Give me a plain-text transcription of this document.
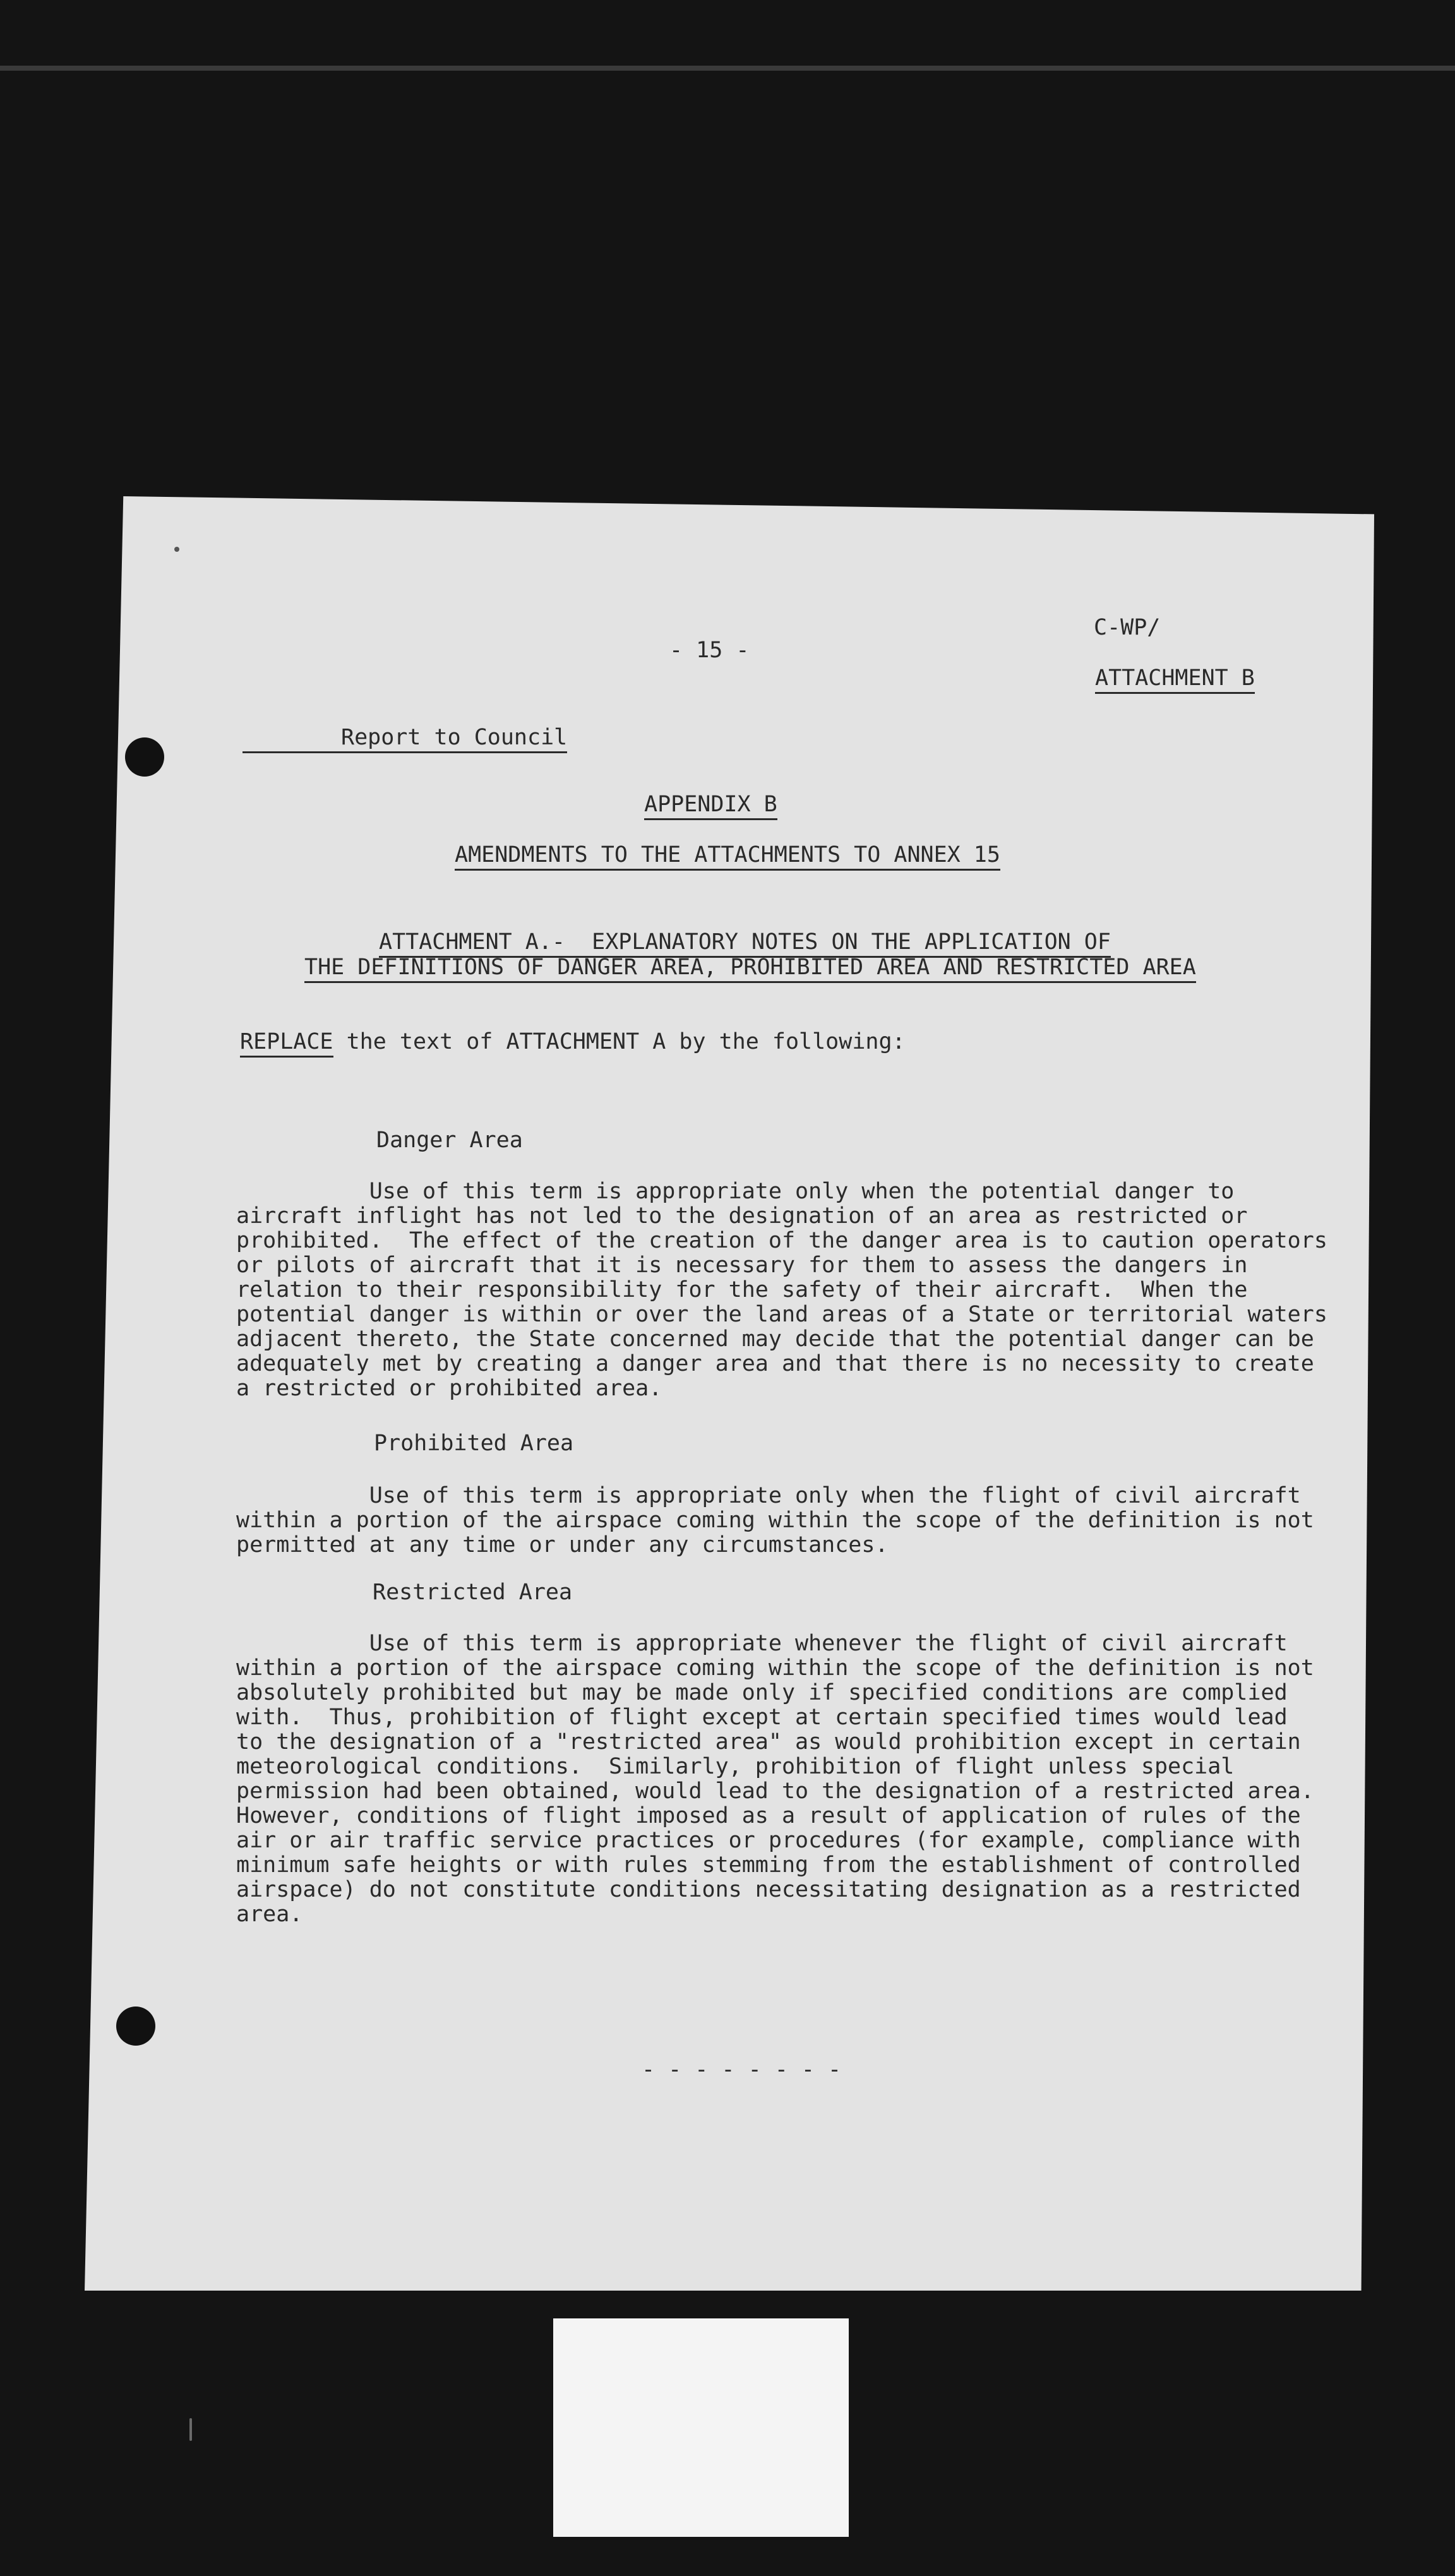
- 15 -
C-WP/
ATTACHMENT B
Report to Council
APPENDIX B
AMENDMENTS TO THE ATTACHMENTS TO ANNEX 15
ATTACHMENT A.-  EXPLANATORY NOTES ON THE APPLICATION OF
THE DEFINITIONS OF DANGER AREA, PROHIBITED AREA AND RESTRICTED AREA
REPLACE the text of ATTACHMENT A by the following:
Danger Area

Use of this term is appropriate only when the potential danger to

aircraft inflight has not led to the designation of an area as restricted or

prohibited.  The effect of the creation of the danger area is to caution operators

or pilots of aircraft that it is necessary for them to assess the dangers in

relation to their responsibility for the safety of their aircraft.  When the

potential danger is within or over the land areas of a State or territorial waters

adjacent thereto, the State concerned may decide that the potential danger can be

adequately met by creating a danger area and that there is no necessity to create

a restricted or prohibited area.

Prohibited Area

Use of this term is appropriate only when the flight of civil aircraft

within a portion of the airspace coming within the scope of the definition is not

permitted at any time or under any circumstances.

Restricted Area

Use of this term is appropriate whenever the flight of civil aircraft

within a portion of the airspace coming within the scope of the definition is not

absolutely prohibited but may be made only if specified conditions are complied

with.  Thus, prohibition of flight except at certain specified times would lead

to the designation of a "restricted area" as would prohibition except in certain

meteorological conditions.  Similarly, prohibition of flight unless special

permission had been obtained, would lead to the designation of a restricted area.

However, conditions of flight imposed as a result of application of rules of the

air or air traffic service practices or procedures (for example, compliance with

minimum safe heights or with rules stemming from the establishment of controlled

airspace) do not constitute conditions necessitating designation as a restricted

area.

- - - - - - - -
